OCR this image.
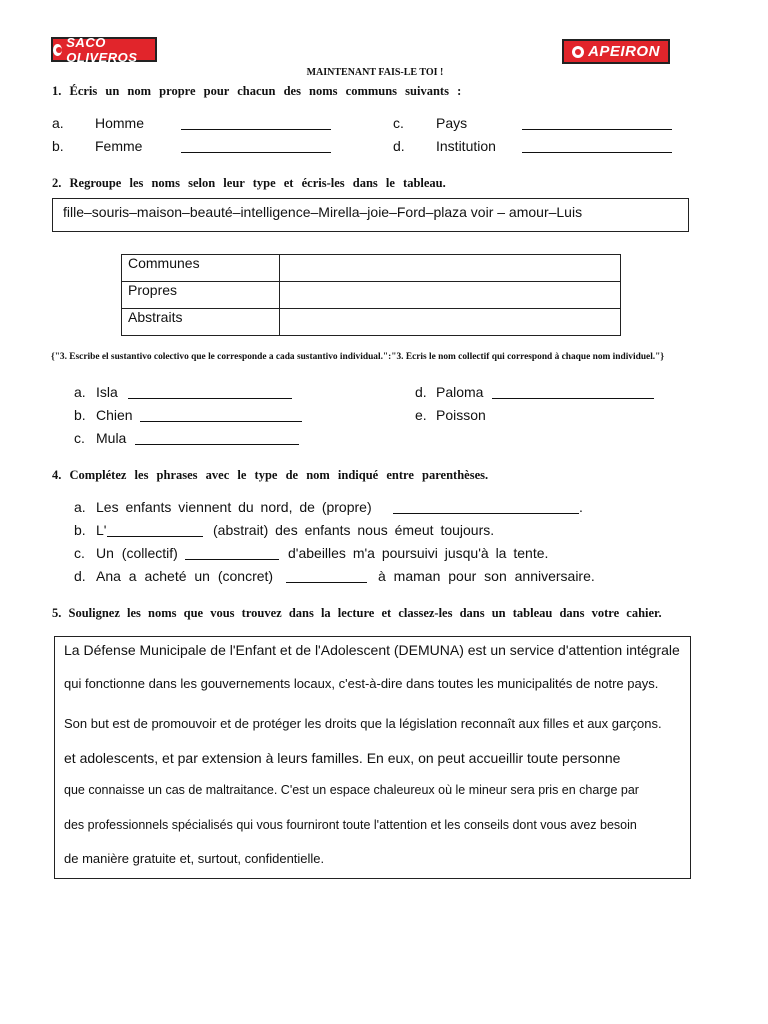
SACO OLIVEROS	APEIRON
MAINTENANT FAIS-LE TOI !
1. Écris un nom propre pour chacun des noms communs suivants :
a. Homme
b. Femme
c. Pays
d. Institution
2. Regroupe les noms selon leur type et écris-les dans le tableau.
fille–souris–maison–beauté–intelligence–Mirella–joie–Ford–plaza voir – amour–Luis
Communes	
Propres	
Abstraits	
{"3. Escribe el sustantivo colectivo que le corresponde a cada sustantivo individual.":"3. Écris le nom collectif qui correspond à chaque nom individuel."}
a. Isla
b. Chien
c. Mula
d. Paloma
e. Poisson
4. Complétez les phrases avec le type de nom indiqué entre parenthèses.
a. Les enfants viennent du nord, de (propre)	.
b. L'	(abstrait) des enfants nous émeut toujours.
c. Un (collectif)	d'abeilles m'a poursuivi jusqu'à la tente.
d. Ana a acheté un (concret)	à maman pour son anniversaire.
5. Soulignez les noms que vous trouvez dans la lecture et classez-les dans un tableau dans votre cahier.
La Défense Municipale de l'Enfant et de l'Adolescent (DEMUNA) est un service d'attention intégrale
qui fonctionne dans les gouvernements locaux, c'est-à-dire dans toutes les municipalités de notre pays.
Son but est de promouvoir et de protéger les droits que la législation reconnaît aux filles et aux garçons.
et adolescents, et par extension à leurs familles. En eux, on peut accueillir toute personne
que connaisse un cas de maltraitance. C'est un espace chaleureux où le mineur sera pris en charge par
des professionnels spécialisés qui vous fourniront toute l'attention et les conseils dont vous avez besoin
de manière gratuite et, surtout, confidentielle.
